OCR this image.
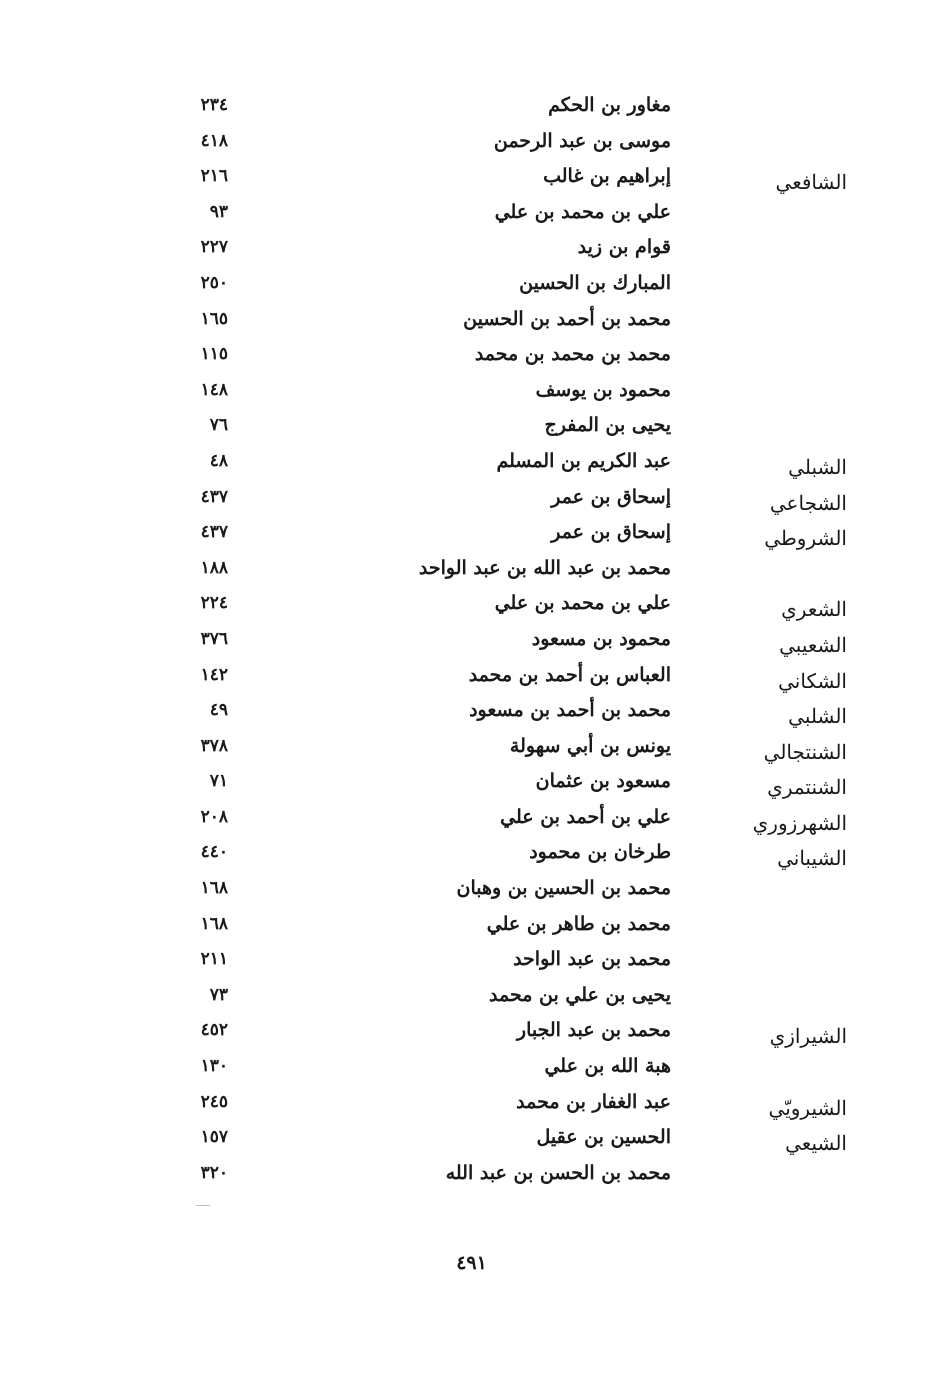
مغاور بن الحكم
٢٣٤
موسى بن عبد الرحمن
٤١٨
الشافعي
إبراهيم بن غالب
٢١٦
علي بن محمد بن علي
٩٣
قوام بن زيد
٢٢٧
المبارك بن الحسين
٢٥٠
محمد بن أحمد بن الحسين
١٦٥
محمد بن محمد بن محمد
١١٥
محمود بن يوسف
١٤٨
يحيى بن المفرج
٧٦
الشبلي
عبد الكريم بن المسلم
٤٨
الشجاعي
إسحاق بن عمر
٤٣٧
الشروطي
إسحاق بن عمر
٤٣٧
محمد بن عبد الله بن عبد الواحد
١٨٨
الشعري
علي بن محمد بن علي
٢٢٤
الشعيبي
محمود بن مسعود
٣٧٦
الشكاني
العباس بن أحمد بن محمد
١٤٢
الشلبي
محمد بن أحمد بن مسعود
٤٩
الشنتجالي
يونس بن أبي سهولة
٣٧٨
الشنتمري
مسعود بن عثمان
٧١
الشهرزوري
علي بن أحمد بن علي
٢٠٨
الشيباني
طرخان بن محمود
٤٤٠
محمد بن الحسين بن وهبان
١٦٨
محمد بن طاهر بن علي
١٦٨
محمد بن عبد الواحد
٢١١
يحيى بن علي بن محمد
٧٣
الشيرازي
محمد بن عبد الجبار
٤٥٢
هبة الله بن علي
١٣٠
الشيرويّي
عبد الغفار بن محمد
٢٤٥
الشيعي
الحسين بن عقيل
١٥٧
محمد بن الحسن بن عبد الله
٣٢٠
٤٩١
